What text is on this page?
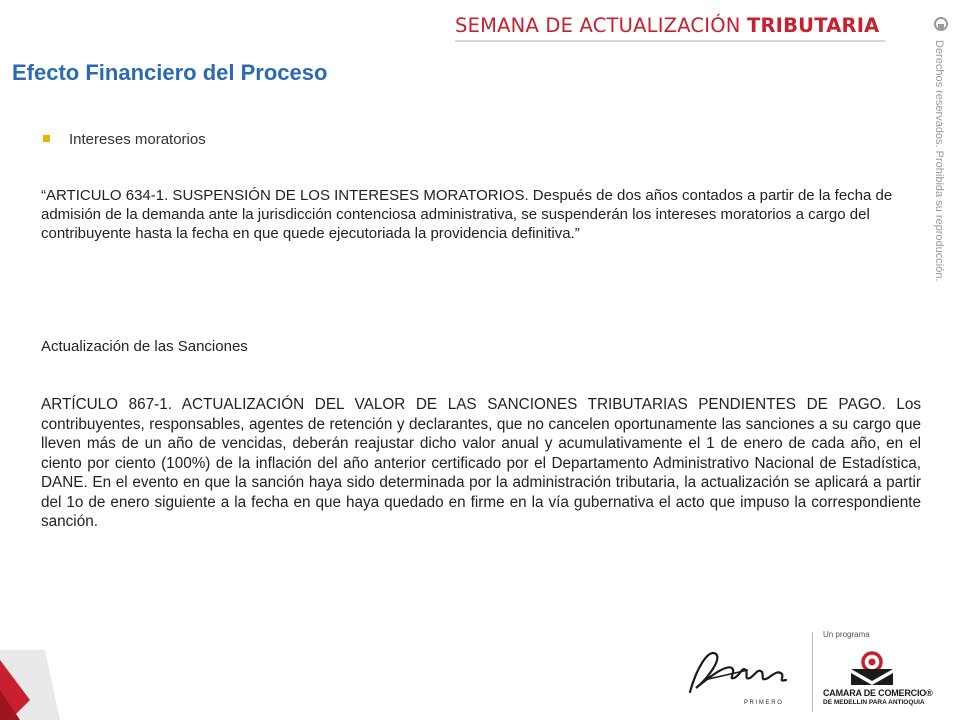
SEMANA DE ACTUALIZACIÓN TRIBUTARIA
Derechos reservados. Prohibida su reproducción.
Efecto Financiero del Proceso
Intereses moratorios
“ARTICULO 634-1. SUSPENSIÓN DE LOS INTERESES MORATORIOS. Después de dos años contados a partir de la fecha de admisión de la demanda ante la jurisdicción contenciosa administrativa, se suspenderán los intereses moratorios a cargo del contribuyente hasta la fecha en que quede ejecutoriada la providencia definitiva.”
Actualización de las Sanciones
ARTÍCULO 867-1. ACTUALIZACIÓN DEL VALOR DE LAS SANCIONES TRIBUTARIAS PENDIENTES DE PAGO. Los contribuyentes, responsables, agentes de retención y declarantes, que no cancelen oportunamente las sanciones a su cargo que lleven más de un año de vencidas, deberán reajustar dicho valor anual y acumulativamente el 1 de enero de cada año, en el ciento por ciento (100%) de la inflación del año anterior certificado por el Departamento Administrativo Nacional de Estadística, DANE. En el evento en que la sanción haya sido determinada por la administración tributaria, la actualización se aplicará a partir del 1o de enero siguiente a la fecha en que haya quedado en firme en la vía gubernativa el acto que impuso la correspondiente sanción.
P R I M E R O
Un programa
CAMARA DE COMERCIO®
DE MEDELLIN PARA ANTIOQUIA
